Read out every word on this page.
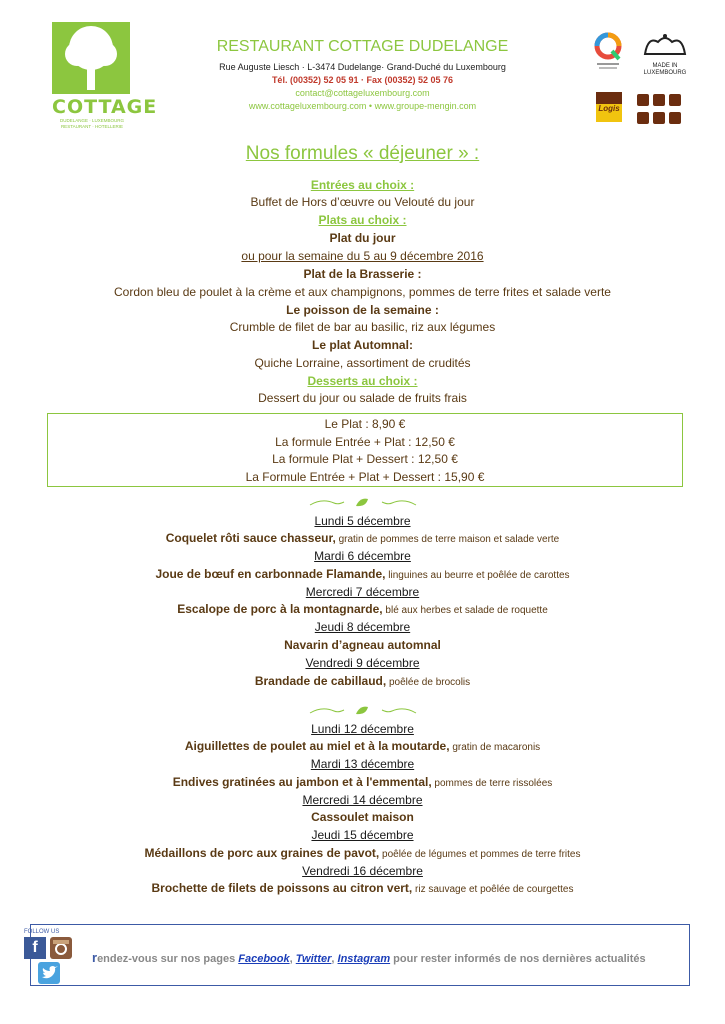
COTTAGE
DUDELANGE · LUXEMBOURG RESTAURANT · HOTELLERIE
RESTAURANT COTTAGE DUDELANGE
Rue Auguste Liesch · L-3474 Dudelange· Grand-Duché du Luxembourg
Tél. (00352) 52 05 91 · Fax (00352) 52 05 76
contact@cottageluxembourg.com
www.cottageluxembourg.com • www.groupe-mengin.com
MADE IN
LUXEMBOURG
Logis
Nos formules « déjeuner » :
Entrées au choix :
Buffet de Hors d’œuvre ou Velouté du jour
Plats au choix :
Plat du jour
ou pour la semaine du 5 au 9 décembre 2016
Plat de la Brasserie :
Cordon bleu de poulet à la crème et aux champignons, pommes de terre frites et salade verte
Le poisson de la semaine :
Crumble de filet de bar au basilic, riz aux légumes
Le plat Automnal:
Quiche Lorraine, assortiment de crudités
Desserts au choix :
Dessert du jour ou salade de fruits frais
Le Plat : 8,90 €
La formule Entrée + Plat : 12,50 €
La formule Plat + Dessert : 12,50 €
La Formule Entrée + Plat + Dessert : 15,90 €
Lundi 5 décembre
Coquelet rôti sauce chasseur, gratin de pommes de terre maison et salade verte
Mardi 6 décembre
Joue de bœuf en carbonnade Flamande, linguines au beurre et poêlée de carottes
Mercredi 7 décembre
Escalope de porc à la montagnarde, blé aux herbes et salade de roquette
Jeudi 8 décembre
Navarin d’agneau automnal
Vendredi 9 décembre
Brandade de cabillaud, poêlée de brocolis
Lundi 12 décembre
Aiguillettes de poulet au miel et à la moutarde, gratin de macaronis
Mardi 13 décembre
Endives gratinées au jambon et à l'emmental, pommes de terre rissolées
Mercredi 14 décembre
Cassoulet maison
Jeudi 15 décembre
Médaillons de porc aux graines de pavot, poêlée de légumes et pommes de terre frites
Vendredi 16 décembre
Brochette de filets de poissons au citron vert, riz sauvage et poêlée de courgettes
FOLLOW US
f
rendez-vous sur nos pages Facebook, Twitter, Instagram pour rester informés de nos dernières actualités
